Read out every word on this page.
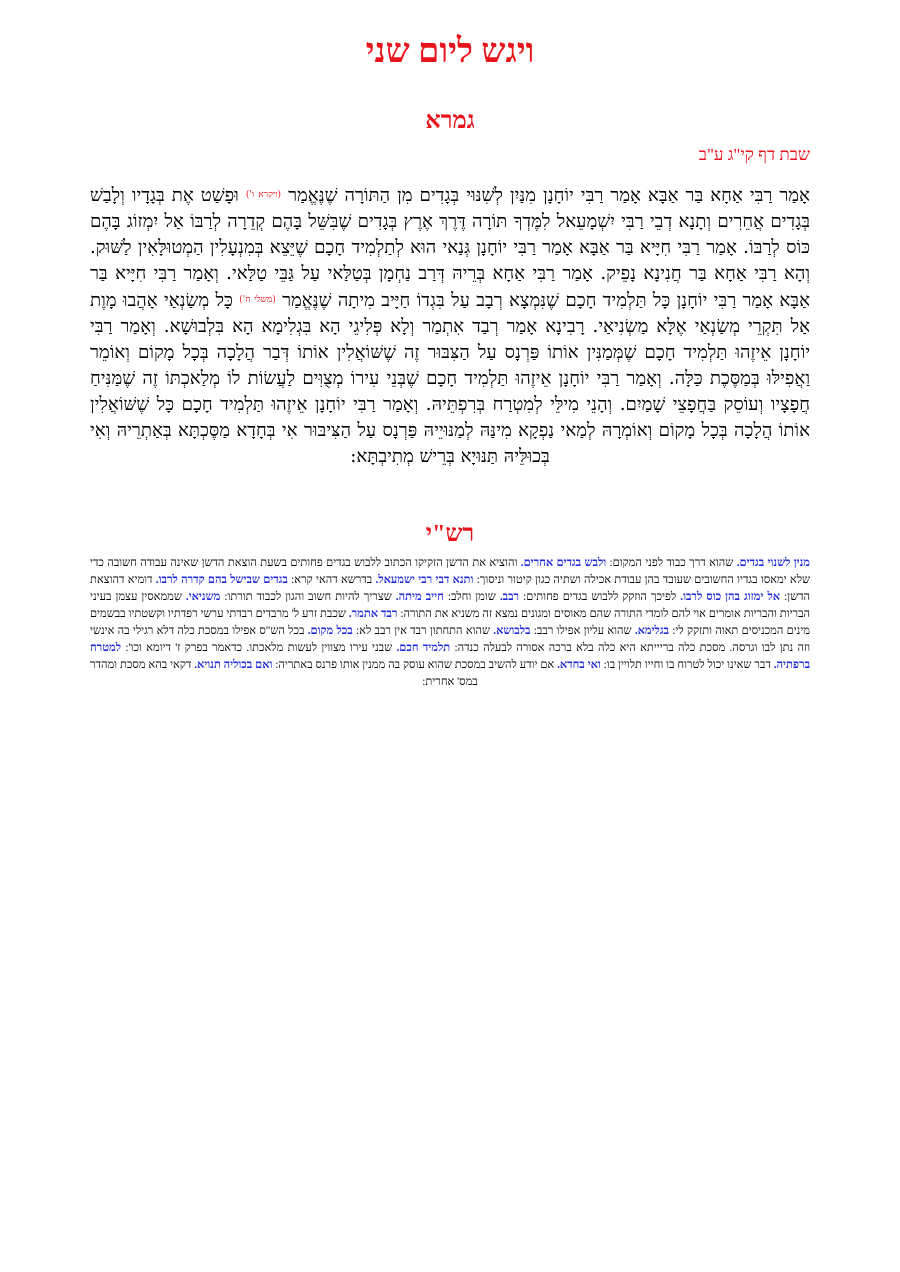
ויגש ליום שני
גמרא
שבת דף קי"ג ע"ב
אָמַר רַבִּי אַחָא בַּר אַבָּא אָמַר רַבִּי יוֹחָנָן מִנַּיִן לְשִׁנּוּי בְּגָדִים מִן הַתּוֹרָה שֶׁנֶּאֱמַר $^{(ויקרא ו')}$ וּפָשַׁט אֶת בְּגָדָיו וְלָבַשׁ בְּגָדִים אֲחֵרִים וְתָנָא דְבֵי רַבִּי יִשְׁמָעֵאל לִמֶּדְךָ תּוֹרָה דֶּרֶךְ אֶרֶץ בְּגָדִים שֶׁבִּשֵּׁל בָּהֶם קְדֵרָה לְרַבּוֹ אַל יִמְזוֹג בָּהֶם כּוֹס לְרַבּוֹ. אָמַר רַבִּי חִיָּיא בַּר אַבָּא אָמַר רַבִּי יוֹחָנָן גְּנַאי הוּא לְתַלְמִיד חָכָם שֶׁיֵּצֵא בְּמִנְעָלִין הַמְטוּלָּאִין לַשּׁוּק. וְהָא רַבִּי אַחָא בַּר חֲנִינָא נָפֵיק. אָמַר רַבִּי אַחָא בְּרֵיהּ דְּרַב נַחְמָן בְּטַלַּאי עַל גַּבֵּי טַלַּאי. וְאָמַר רַבִּי חִיָּיא בַּר אַבָּא אָמַר רַבִּי יוֹחָנָן כָּל תַּלְמִיד חָכָם שֶׁנִּמְצָא רְבָב עַל בִּגְדוֹ חַיָּיב מִיתָה שֶׁנֶּאֱמַר $^{(משלי ח')}$ כָּל מְשַׂנְאַי אָהֲבוּ מָוֶת אַל תִּקְרֵי מְשַׂנְאַי אֶלָּא מַשְׂנִיאַי. רָבִינָא אָמַר רְבַד אִתְמַר וְלָא פְּלִיגֵי הָא בִּגְלִימָא הָא בִּלְבוּשָׁא. וְאָמַר רַבִּי יוֹחָנָן אֵיזֶהוּ תַּלְמִיד חָכָם שֶׁמְּמַנִּין אוֹתוֹ פַּרְנָס עַל הַצִּבּוּר זֶה שֶׁשּׁוֹאֲלִין אוֹתוֹ דְּבַר הֲלָכָה בְּכָל מָקוֹם וְאוֹמֵר וַאֲפִילּוּ בְּמַסֶּכֶת כַּלָּה. וְאָמַר רַבִּי יוֹחָנָן אֵיזֶהוּ תַּלְמִיד חָכָם שֶׁבְּנֵי עִירוֹ מְצֻוִּים לַעֲשׂוֹת לוֹ מְלַאכְתּוֹ זֶה שֶׁמַּנִּיחַ חֲפָצָיו וְעוֹסֵק בַּחֲפָצֵי שָׁמַיִם. וְהָנֵי מִילֵּי לְמִטְרַח בְּרִפְתֵּיהּ. וְאָמַר רַבִּי יוֹחָנָן אֵיזֶהוּ תַּלְמִיד חָכָם כָּל שֶׁשּׁוֹאֲלִין אוֹתוֹ הֲלָכָה בְּכָל מָקוֹם וְאוֹמְרָהּ לְמַאי נַפְקָא מִינַּהּ לְמַנּוּיֵיהּ פַּרְנָס עַל הַצִּיבּוּר אִי בְּחָדָא מַסֶּכְתָּא בְּאַתְרֵיהּ וְאִי בְּכוּלֵּיהּ תַּנּוּיָא בְּרֵישׁ מְתִיבְתָּא:
רש"י
מנין לשנוי בגדים. שהוא דרך כבוד לפני המקום: ולבש בגדים אחרים. והוציא את הדשן הזקיקו הכתוב ללבוש בגדים פחותים בשעת הוצאת הדשן שאינה עבודה חשובה כדי שלא ימאסו בגדיו החשובים שעובד בהן עבודת אכילה ושתיה כגון קיטור וניסוך: ותנא דבי רבי ישמעאל. בדרשא דהאי קרא: בגדים שבישל בהם קדרה לרבו. דומיא דהוצאת הדשן: אל ימזוג בהן כוס לרבו. לפיכך הוזקק ללבוש בגדים פחותים: רבב. שומן וחלב: חייב מיתה. שצריך להיות חשוב והגון לכבוד תורתו: משניאי. שממאסין עצמן בעיני הבריות והבריות אומרים אוי להם לומדי התורה שהם מאוסים ומגונים נמצא זה משניא את התורה: רבד אתמר. שכבת זרע ל' מרבדים רבדתי ערשי רפדתיו וקשטתיו בבשמים מינים המכניסים תאוה ותזקק לי: בגלימא. שהוא עליון אפילו רבב: בלבושא. שהוא התחתון רבד אין רבב לא: בכל מקום. בכל הש"ס אפילו במסכת כלה דלא רגילי בה אינשי וזה נתן לבו וגרסה. מסכת כלה בריייתא היא כלה בלא ברכה אסורה לבעלה כנדה: תלמיד חכם. שבני עירו מצווין לעשות מלאכתו. כדאמר בפרק ז' דיומא וכו': למטרח ברפתיה. דבר שאינו יכול לטרוח בו וחייו תלויין בו: ואי בחדא. אם יודע להשיב במסכת שהוא עוסק בה ממנין אותו פרנס באתריה: ואם בכוליה תנויא. דקאי בהא מסכת ומהדר במס' אחרית:
